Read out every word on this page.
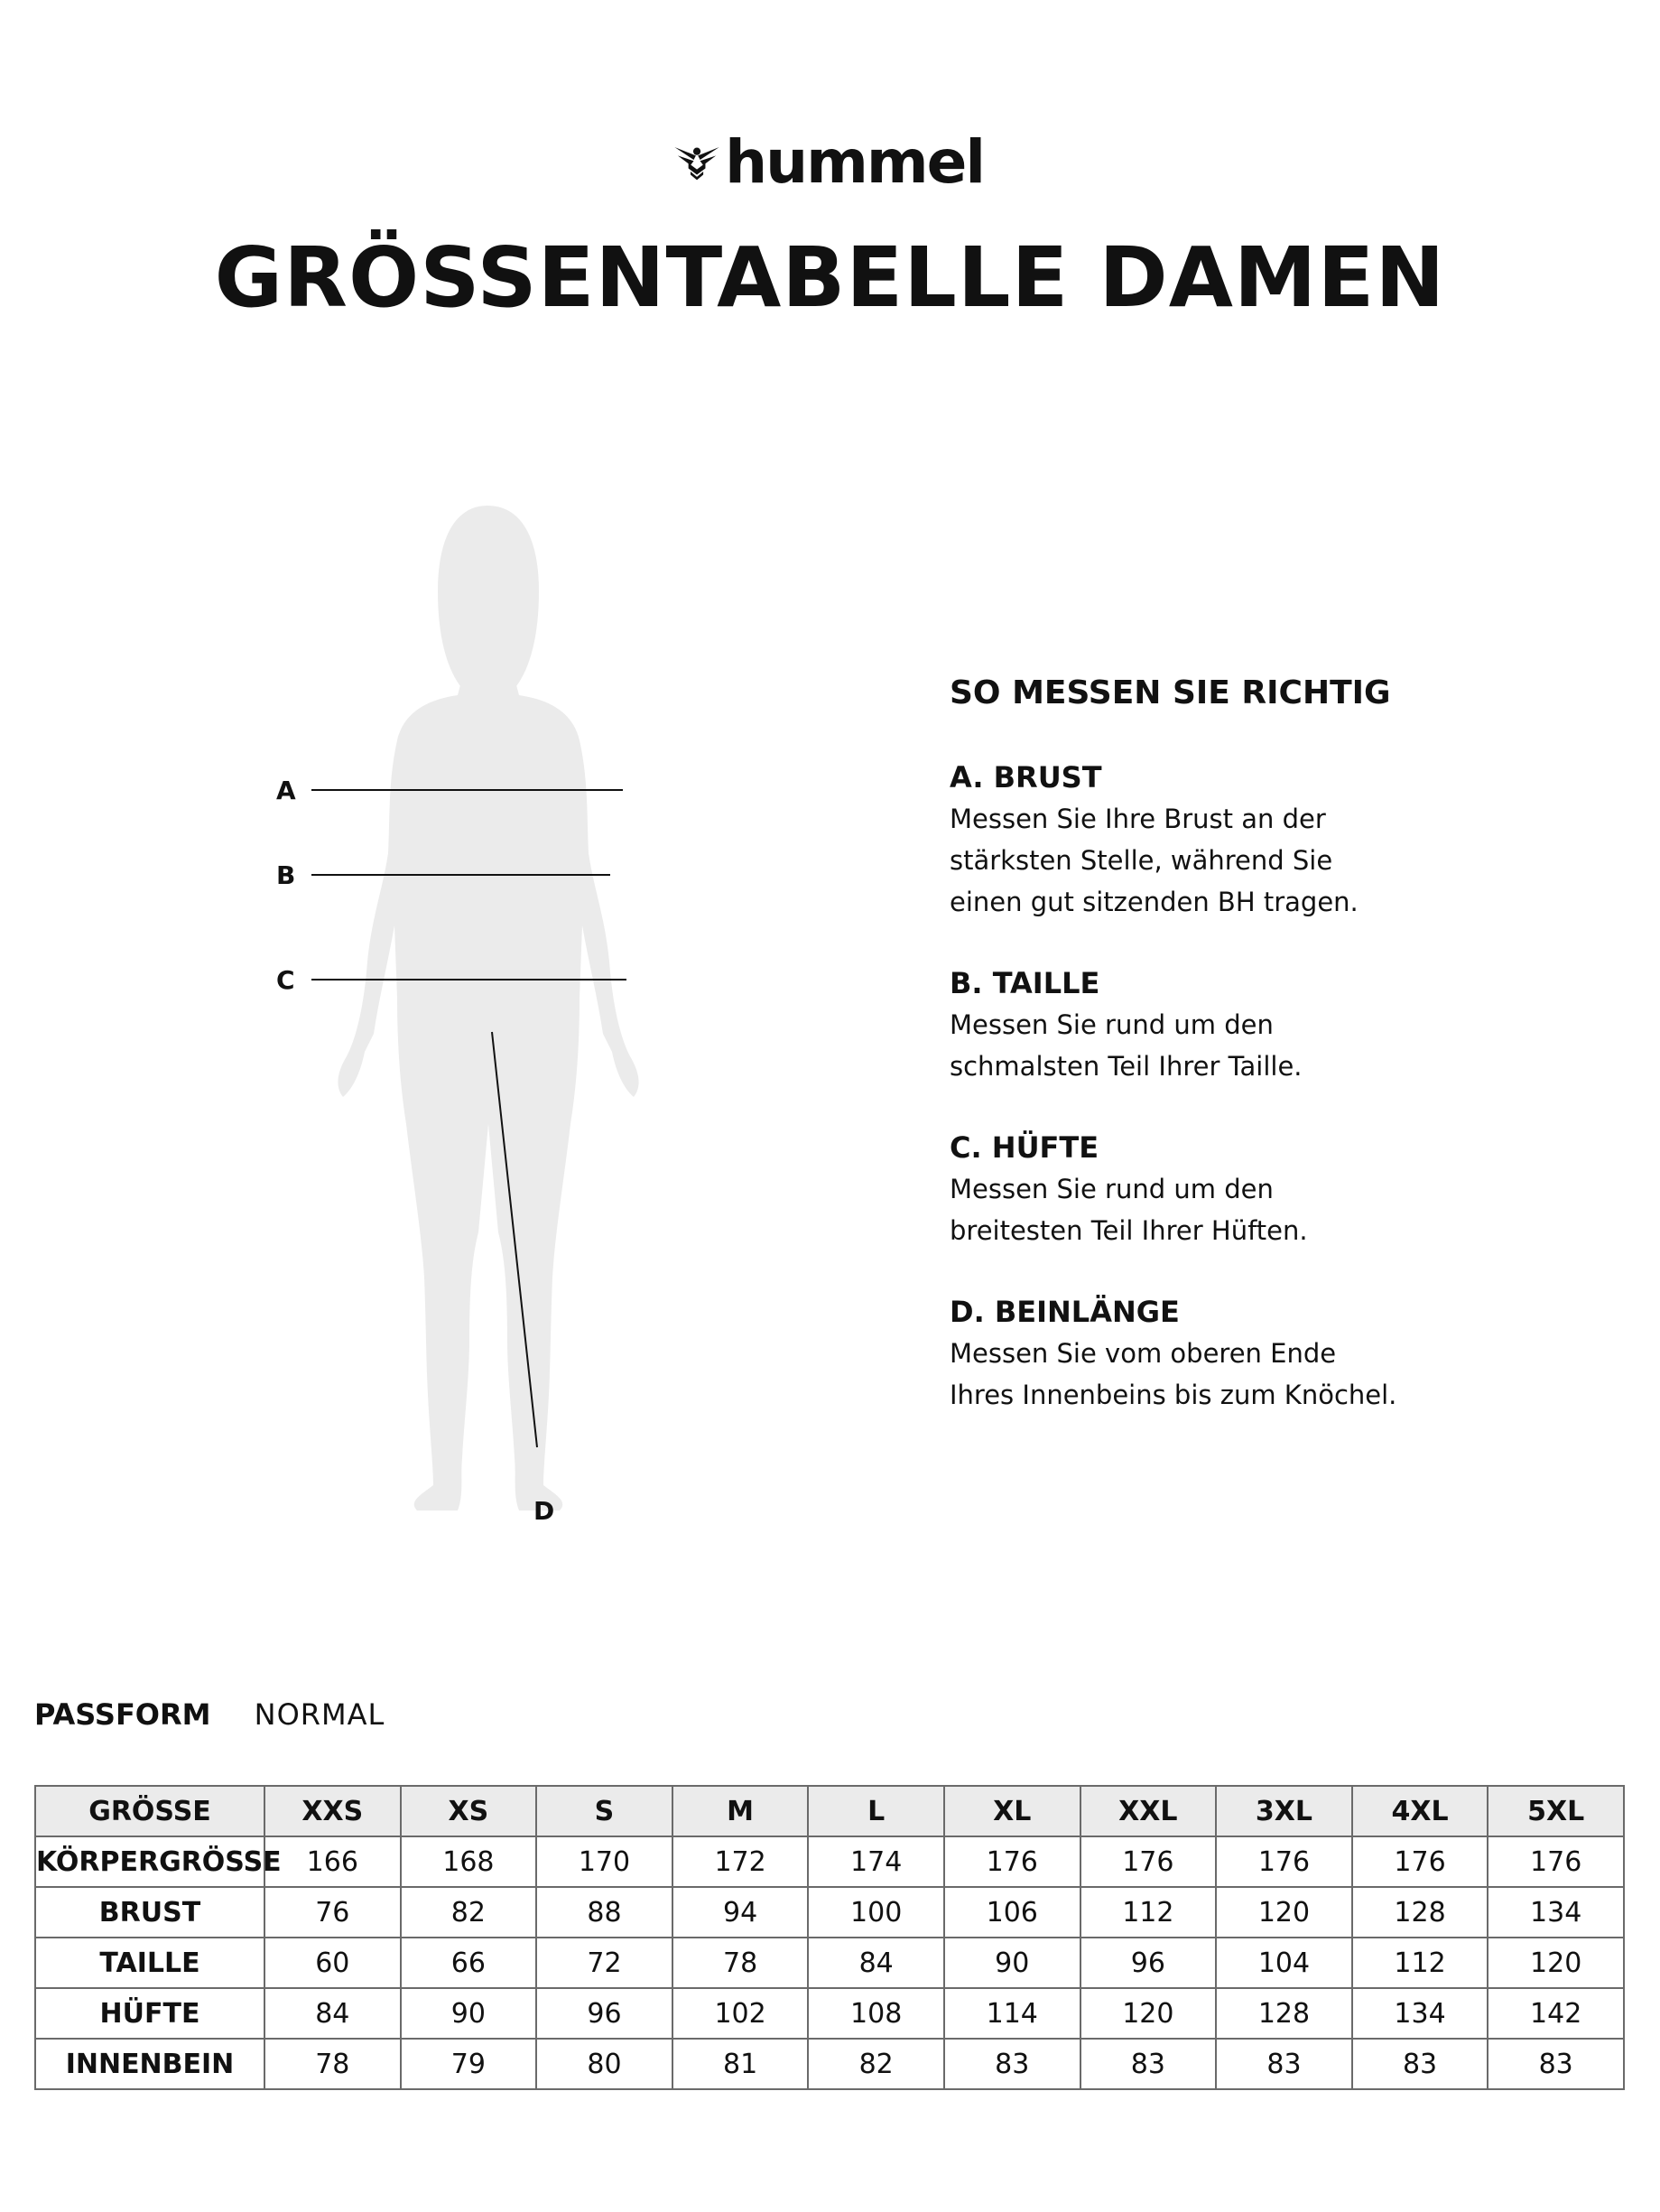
hummel
GRÖSSENTABELLE DAMEN
A
B
C
D
SO MESSEN SIE RICHTIG
A. BRUST
Messen Sie Ihre Brust an der
stärksten Stelle, während Sie
einen gut sitzenden BH tragen.
B. TAILLE
Messen Sie rund um den
schmalsten Teil Ihrer Taille.
C. HÜFTE
Messen Sie rund um den
breitesten Teil Ihrer Hüften.
D. BEINLÄNGE
Messen Sie vom oberen Ende
Ihres Innenbeins bis zum Knöchel.
PASSFORM NORMAL
GRÖSSE	XXS	XS	S	M	L	XL	XXL	3XL	4XL	5XL
KÖRPERGRÖSSE	166	168	170	172	174	176	176	176	176	176
BRUST	76	82	88	94	100	106	112	120	128	134
TAILLE	60	66	72	78	84	90	96	104	112	120
HÜFTE	84	90	96	102	108	114	120	128	134	142
INNENBEIN	78	79	80	81	82	83	83	83	83	83
